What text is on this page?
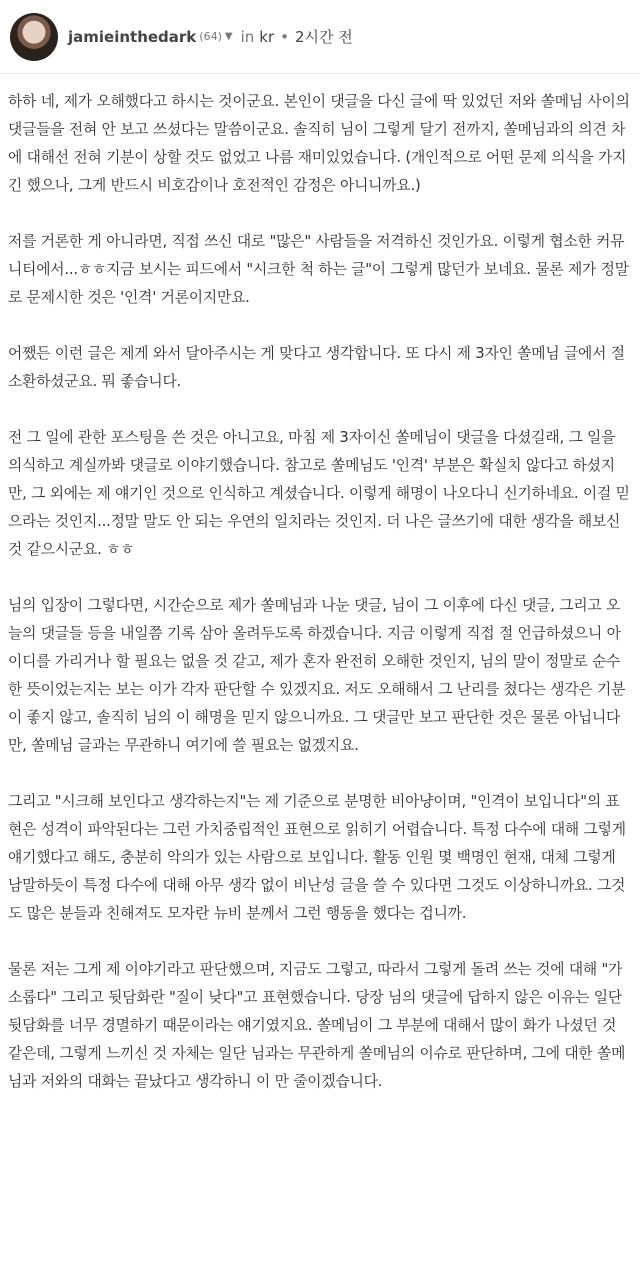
jamieinthedark (64) ▼ in kr • 2시간 전

하하 네, 제가 오해했다고 하시는 것이군요. 본인이 댓글을 다신 글에 딱 있었던 저와 쏠메님 사이의 댓글들을 전혀 안 보고 쓰셨다는 말씀이군요. 솔직히 님이 그렇게 달기 전까지, 쏠메님과의 의견 차에 대해선 전혀 기분이 상할 것도 없었고 나름 재미있었습니다. (개인적으로 어떤 문제 의식을 가지긴 했으나, 그게 반드시 비호감이나 호전적인 감정은 아니니까요.)

저를 거론한 게 아니라면, 직접 쓰신 대로 "많은" 사람들을 저격하신 것인가요. 이렇게 협소한 커뮤니티에서...ㅎㅎ지금 보시는 피드에서 "시크한 척 하는 글"이 그렇게 많던가 보네요. 물론 제가 정말로 문제시한 것은 '인격' 거론이지만요.

어쨌든 이런 글은 제게 와서 달아주시는 게 맞다고 생각합니다. 또 다시 제 3자인 쏠메님 글에서 절 소환하셨군요. 뭐 좋습니다.

전 그 일에 관한 포스팅을 쓴 것은 아니고요, 마침 제 3자이신 쏠메님이 댓글을 다셨길래, 그 일을 의식하고 계실까봐 댓글로 이야기했습니다. 참고로 쏠메님도 '인격' 부분은 확실치 않다고 하셨지만, 그 외에는 제 얘기인 것으로 인식하고 계셨습니다. 이렇게 해명이 나오다니 신기하네요. 이걸 믿으라는 것인지...정말 말도 안 되는 우연의 일치라는 것인지. 더 나은 글쓰기에 대한 생각을 해보신 것 같으시군요. ㅎㅎ

님의 입장이 그렇다면, 시간순으로 제가 쏠메님과 나눈 댓글, 님이 그 이후에 다신 댓글, 그리고 오늘의 댓글들 등을 내일쯤 기록 삼아 올려두도록 하겠습니다. 지금 이렇게 직접 절 언급하셨으니 아이디를 가리거나 할 필요는 없을 것 같고, 제가 혼자 완전히 오해한 것인지, 님의 말이 정말로 순수한 뜻이었는지는 보는 이가 각자 판단할 수 있겠지요. 저도 오해해서 그 난리를 쳤다는 생각은 기분이 좋지 않고, 솔직히 님의 이 해명을 믿지 않으니까요. 그 댓글만 보고 판단한 것은 물론 아닙니다만, 쏠메님 글과는 무관하니 여기에 쓸 필요는 없겠지요.

그리고 "시크해 보인다고 생각하는지"는 제 기준으로 분명한 비아냥이며, "인격이 보입니다"의 표현은 성격이 파악된다는 그런 가치중립적인 표현으로 읽히기 어렵습니다. 특정 다수에 대해 그렇게 얘기했다고 해도, 충분히 악의가 있는 사람으로 보입니다. 활동 인원 몇 백명인 현재, 대체 그렇게 남말하듯이 특정 다수에 대해 아무 생각 없이 비난성 글을 쓸 수 있다면 그것도 이상하니까요. 그것도 많은 분들과 친해져도 모자란 뉴비 분께서 그런 행동을 했다는 겁니까.

물론 저는 그게 제 이야기라고 판단했으며, 지금도 그렇고, 따라서 그렇게 돌려 쓰는 것에 대해 "가소롭다" 그리고 뒷담화란 "질이 낮다"고 표현했습니다. 당장 님의 댓글에 답하지 않은 이유는 일단 뒷담화를 너무 경멸하기 때문이라는 얘기였지요. 쏠메님이 그 부분에 대해서 많이 화가 나셨던 것 같은데, 그렇게 느끼신 것 자체는 일단 님과는 무관하게 쏠메님의 이슈로 판단하며, 그에 대한 쏠메님과 저와의 대화는 끝났다고 생각하니 이 만 줄이겠습니다.
